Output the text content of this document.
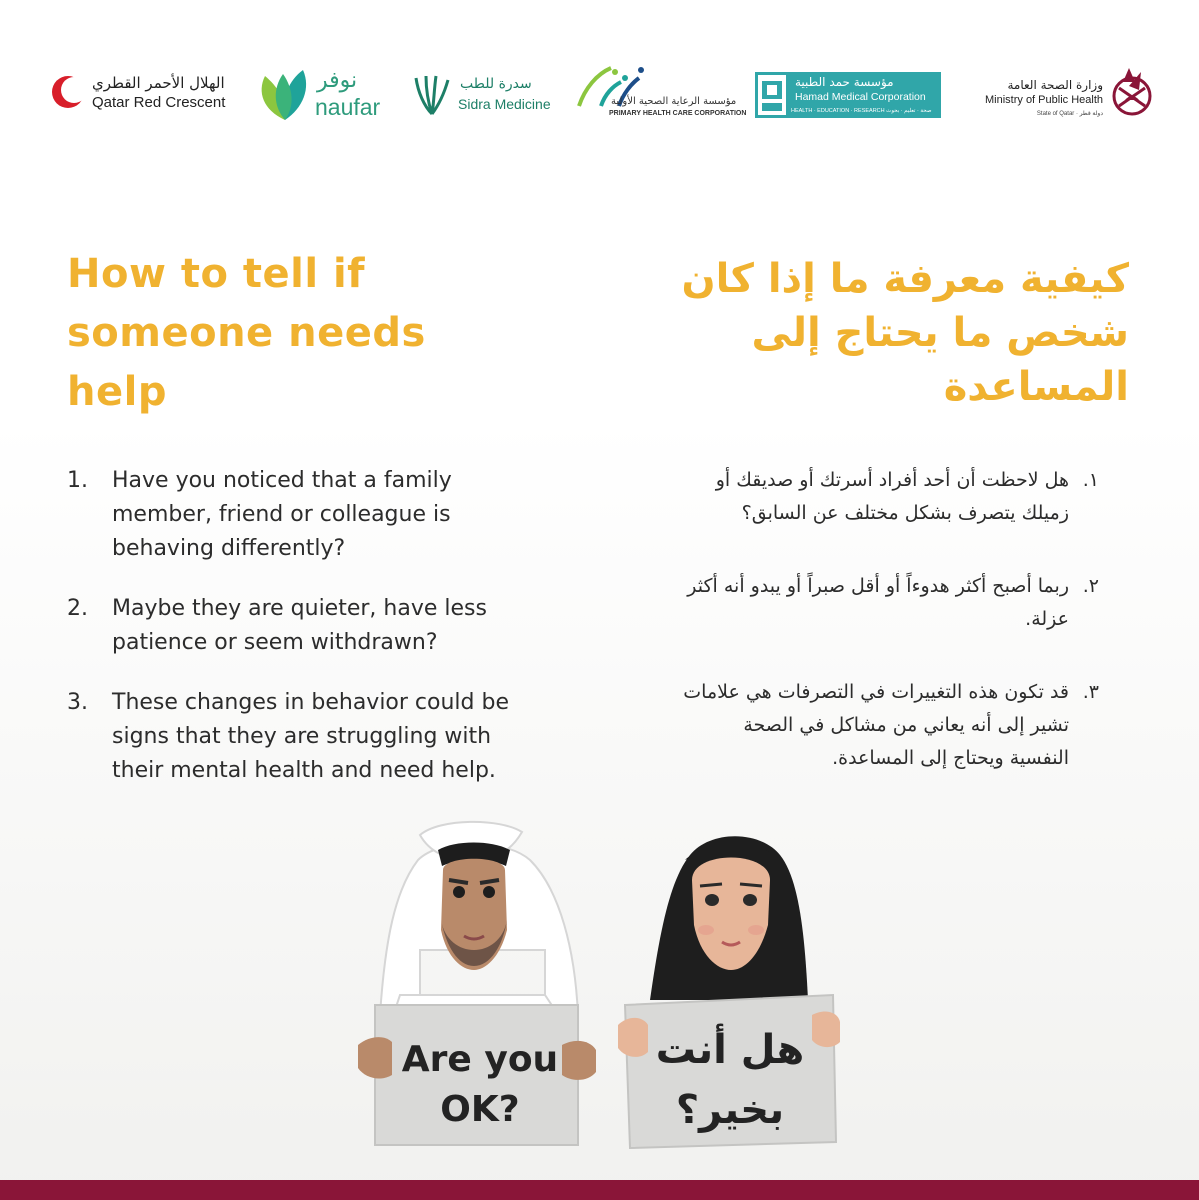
الهلال الأحمر القطري
Qatar Red Crescent
نوفر
naufar
سدرة للطب
Sidra Medicine	مؤسسة الرعاية الصحية الأولية
PRIMARY HEALTH CARE CORPORATION
مؤسسة حمد الطبية
Hamad Medical Corporation
HEALTH · EDUCATION · RESEARCH صحة · تعليم · بحوث
وزارة الصحة العامة
Ministry of Public Health
State of Qatar · دولة قطر
How to tell if someone needs help
كيفية معرفة ما إذا كان شخص ما يحتاج إلى المساعدة
1. Have you noticed that a family member, friend or colleague is behaving differently?
2. Maybe they are quieter, have less patience or seem withdrawn?
3. These changes in behavior could be signs that they are struggling with their mental health and need help.
١.
هل لاحظت أن أحد أفراد أسرتك أو صديقك أو زميلك يتصرف بشكل مختلف عن السابق؟
٢.
ربما أصبح أكثر هدوءاً أو أقل صبراً أو يبدو أنه أكثر عزلة.
٣.
قد تكون هذه التغييرات في التصرفات هي علامات تشير إلى أنه يعاني من مشاكل في الصحة النفسية ويحتاج إلى المساعدة.
Are you OK?
هل أنت بخير؟
